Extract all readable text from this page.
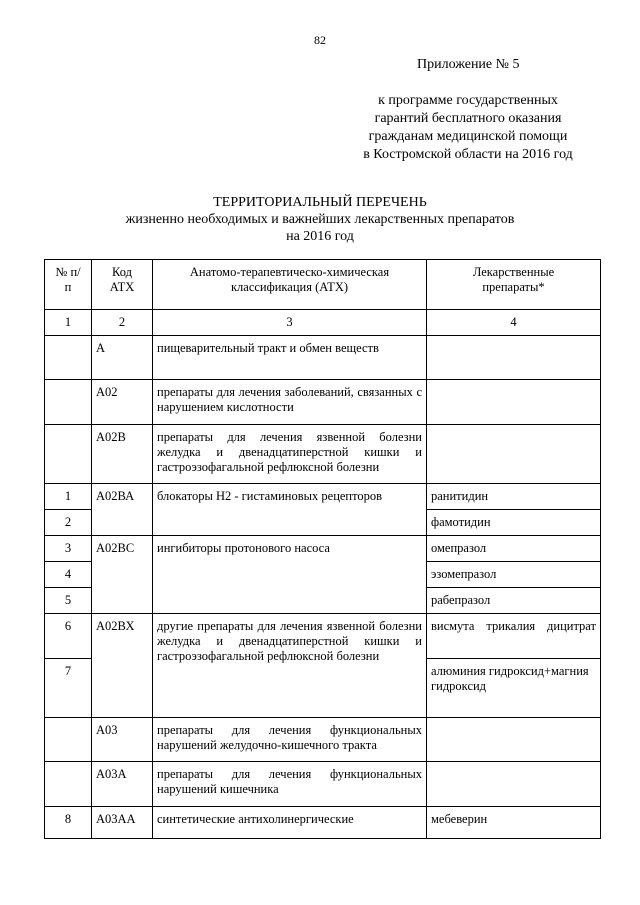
82
Приложение № 5
к программе государственных
гарантий бесплатного оказания
гражданам медицинской помощи
в Костромской области на 2016 год
ТЕРРИТОРИАЛЬНЫЙ ПЕРЕЧЕНЬ
жизненно необходимых и важнейших лекарственных препаратов
на 2016 год
№ п/п	Код АТХ	Анатомо-терапевтическо-химическая классификация (АТХ)	Лекарственные препараты*
1	2	3	4
	А	пищеварительный тракт и обмен веществ	
	А02	препараты для лечения заболеваний, связанных с нарушением кислотности	
	А02В	препараты для лечения язвенной болезни желудка и двенадцатиперстной кишки и гастроэзофагальной рефлюксной болезни	
1	А02ВА	блокаторы Н2 - гистаминовых рецепторов	ранитидин
2			фамотидин
3	А02ВС	ингибиторы протонового насоса	омепразол
4			эзомепразол
5			рабепразол
6	А02ВХ	другие препараты для лечения язвенной болезни желудка и двенадцатиперстной кишки и гастроэзофагальной рефлюксной болезни	висмута трикалия дицитрат
7			алюминия гидроксид+магния гидроксид
	А03	препараты для лечения функциональных нарушений желудочно-кишечного тракта	
	А03А	препараты для лечения функциональных нарушений кишечника	
8	А03АА	синтетические антихолинергические	мебеверин
